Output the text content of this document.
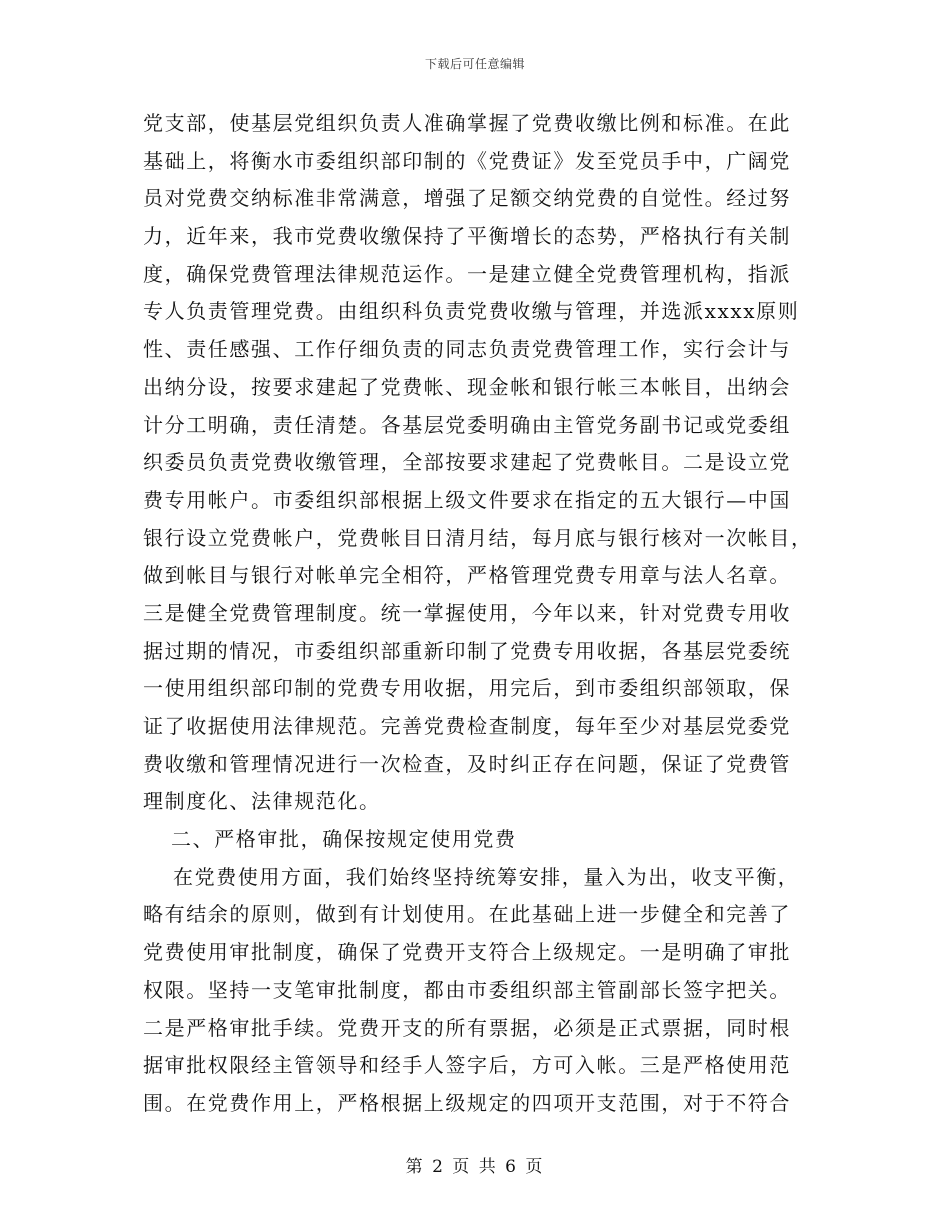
下载后可任意编辑
党支部，使基层党组织负责人准确掌握了党费收缴比例和标准。在此
基础上，将衡水市委组织部印制的《党费证》发至党员手中，广阔党
员对党费交纳标准非常满意，增强了足额交纳党费的自觉性。经过努
力，近年来，我市党费收缴保持了平衡增长的态势，严格执行有关制
度，确保党费管理法律规范运作。一是建立健全党费管理机构，指派
专人负责管理党费。由组织科负责党费收缴与管理，并选派xxxx原则
性、责任感强、工作仔细负责的同志负责党费管理工作，实行会计与
出纳分设，按要求建起了党费帐、现金帐和银行帐三本帐目，出纳会
计分工明确，责任清楚。各基层党委明确由主管党务副书记或党委组
织委员负责党费收缴管理，全部按要求建起了党费帐目。二是设立党
费专用帐户。市委组织部根据上级文件要求在指定的五大银行—中国
银行设立党费帐户，党费帐目日清月结，每月底与银行核对一次帐目，
做到帐目与银行对帐单完全相符，严格管理党费专用章与法人名章。
三是健全党费管理制度。统一掌握使用，今年以来，针对党费专用收
据过期的情况，市委组织部重新印制了党费专用收据，各基层党委统
一使用组织部印制的党费专用收据，用完后，到市委组织部领取，保
证了收据使用法律规范。完善党费检查制度，每年至少对基层党委党
费收缴和管理情况进行一次检查，及时纠正存在问题，保证了党费管
理制度化、法律规范化。
二、严格审批，确保按规定使用党费
在党费使用方面，我们始终坚持统筹安排，量入为出，收支平衡，
略有结余的原则，做到有计划使用。在此基础上进一步健全和完善了
党费使用审批制度，确保了党费开支符合上级规定。一是明确了审批
权限。坚持一支笔审批制度，都由市委组织部主管副部长签字把关。
二是严格审批手续。党费开支的所有票据，必须是正式票据，同时根
据审批权限经主管领导和经手人签字后，方可入帐。三是严格使用范
围。在党费作用上，严格根据上级规定的四项开支范围，对于不符合
第 2 页 共 6 页
